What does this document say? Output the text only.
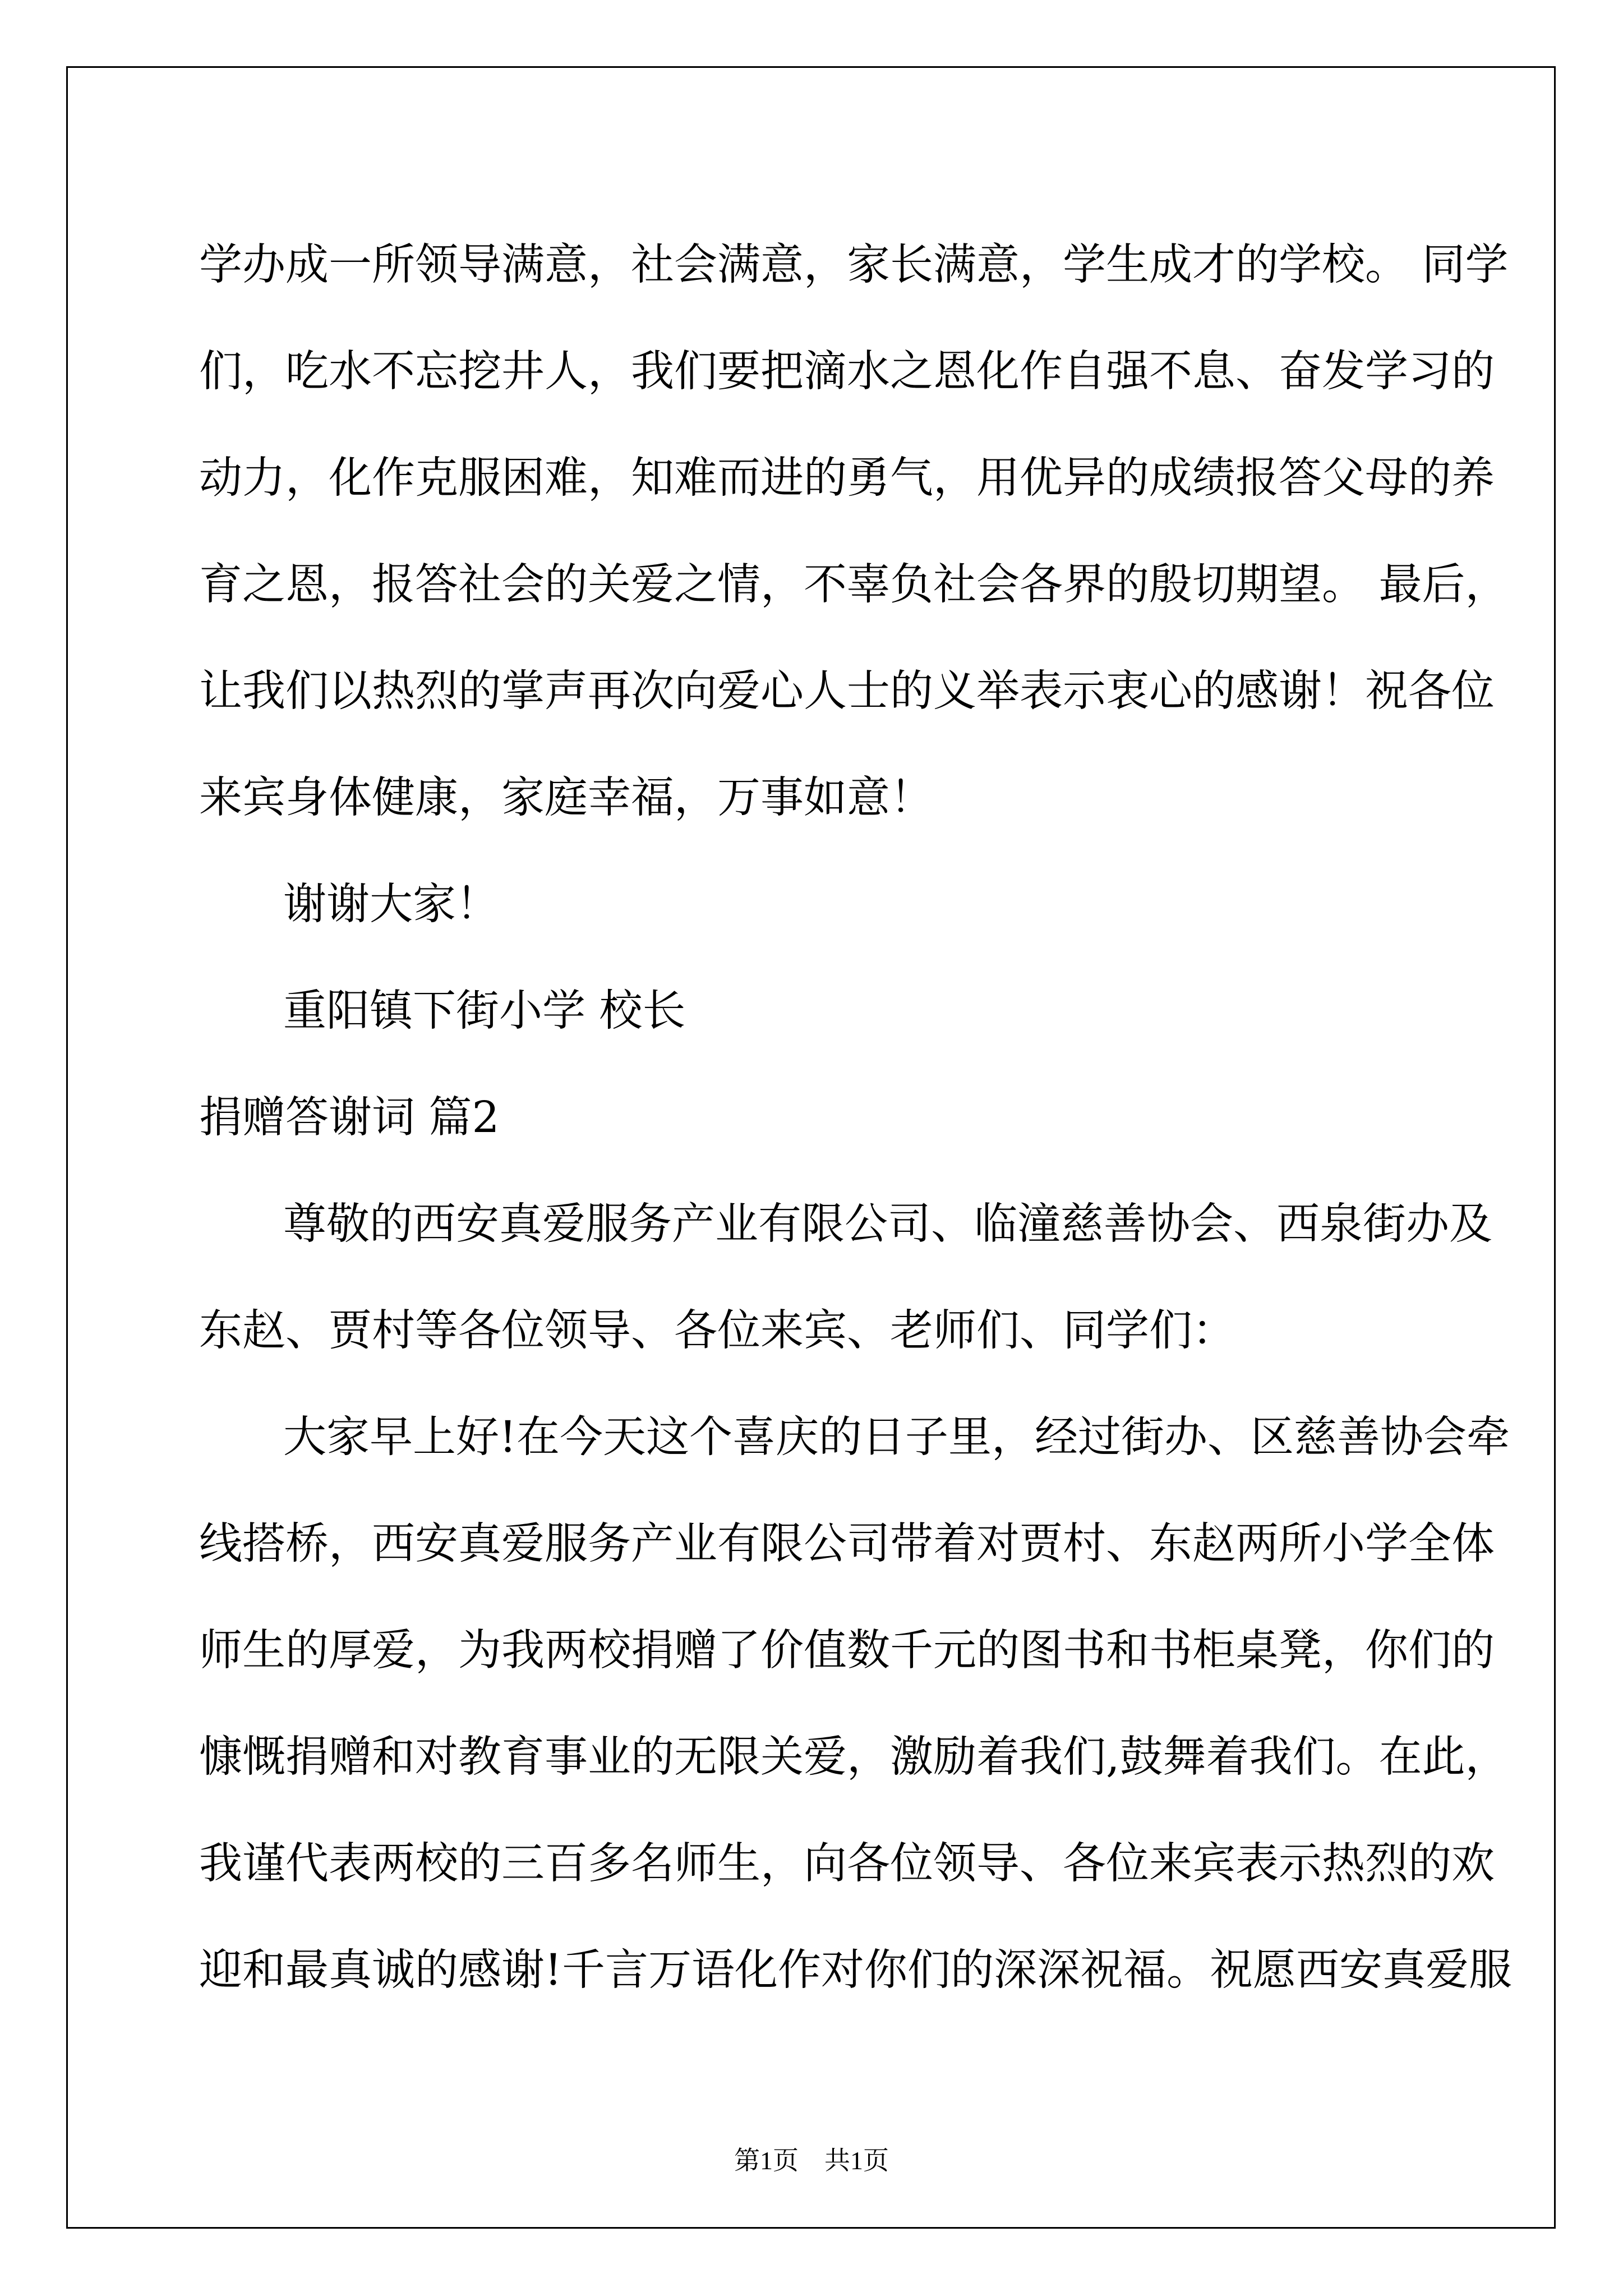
学办成一所领导满意，社会满意，家长满意，学生成才的学校。 同学
们，吃水不忘挖井人，我们要把滴水之恩化作自强不息、奋发学习的
动力，化作克服困难，知难而进的勇气，用优异的成绩报答父母的养
育之恩，报答社会的关爱之情，不辜负社会各界的殷切期望。 最后，
让我们以热烈的掌声再次向爱心人士的义举表示衷心的感谢！祝各位
来宾身体健康，家庭幸福，万事如意！
谢谢大家！
重阳镇下街小学 校长
捐赠答谢词 篇2
尊敬的西安真爱服务产业有限公司、临潼慈善协会、西泉街办及
东赵、贾村等各位领导、各位来宾、老师们、同学们：
大家早上好!在今天这个喜庆的日子里，经过街办、区慈善协会牵
线搭桥，西安真爱服务产业有限公司带着对贾村、东赵两所小学全体
师生的厚爱，为我两校捐赠了价值数千元的图书和书柜桌凳，你们的
慷慨捐赠和对教育事业的无限关爱，激励着我们,鼓舞着我们。在此，
我谨代表两校的三百多名师生，向各位领导、各位来宾表示热烈的欢
迎和最真诚的感谢!千言万语化作对你们的深深祝福。祝愿西安真爱服
第1页 共1页
